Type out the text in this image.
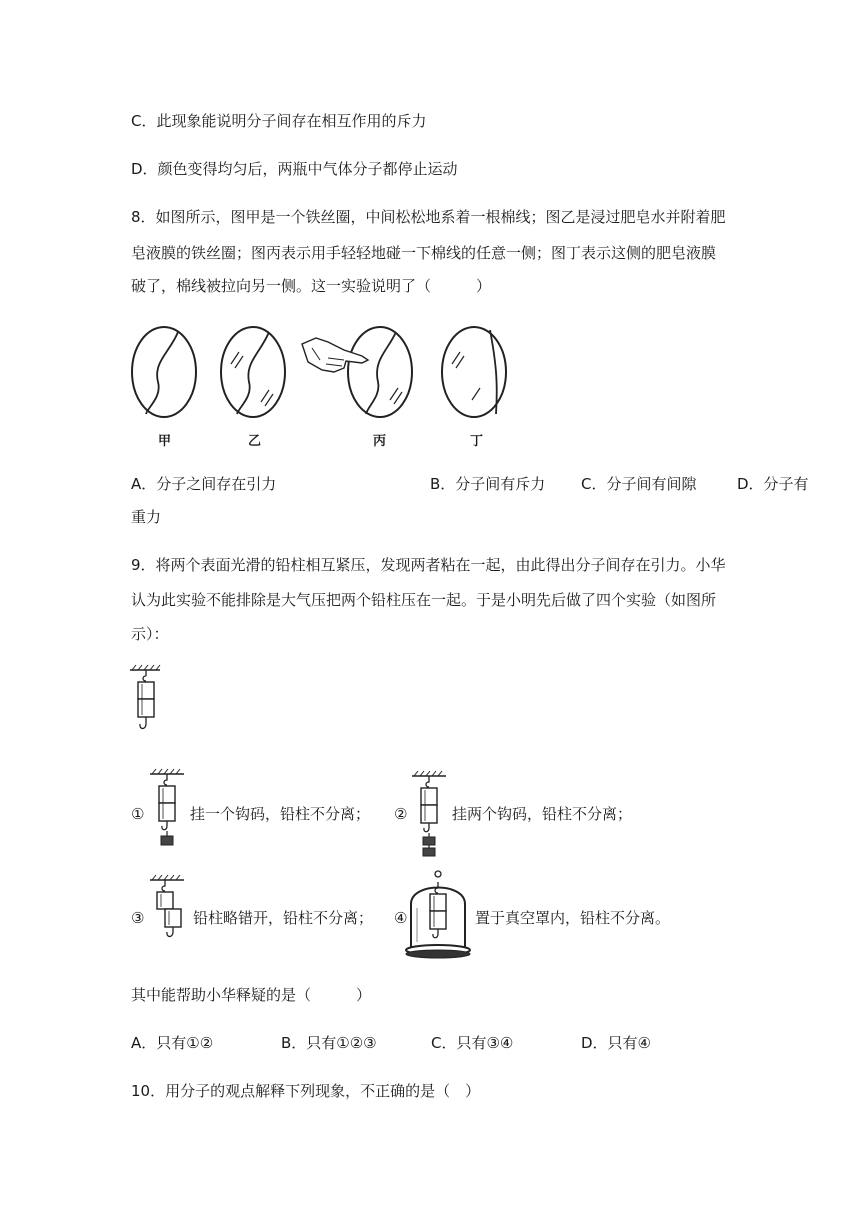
C．此现象能说明分子间存在相互作用的斥力
D．颜色变得均匀后，两瓶中气体分子都停止运动
8．如图所示，图甲是一个铁丝圈，中间松松地系着一根棉线；图乙是浸过肥皂水并附着肥
皂液膜的铁丝圈；图丙表示用手轻轻地碰一下棉线的任意一侧；图丁表示这侧的肥皂液膜
破了，棉线被拉向另一侧。这一实验说明了（　　　）
甲	乙	丙	丁
A．分子之间存在引力	B．分子间有斥力 C．分子间有间隙	D．分子有
重力
9．将两个表面光滑的铅柱相互紧压，发现两者粘在一起，由此得出分子间存在引力。小华
认为此实验不能排除是大气压把两个铅柱压在一起。于是小明先后做了四个实验（如图所
示）：
①	挂一个钩码，铅柱不分离； ②	挂两个钩码，铅柱不分离；
③	铅柱略错开，铅柱不分离； ④	置于真空罩内，铅柱不分离。
其中能帮助小华释疑的是（　　　）
A．只有①②	B．只有①②③	C．只有③④	D．只有④
10．用分子的观点解释下列现象，不正确的是（　）
